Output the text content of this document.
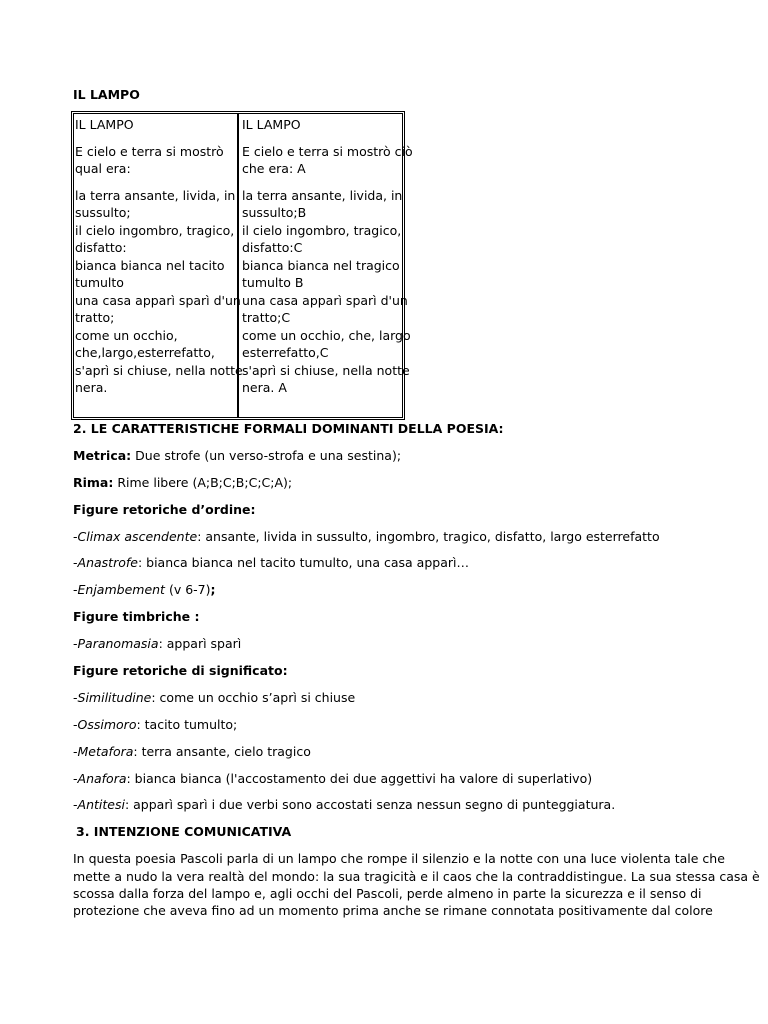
IL LAMPO
IL LAMPO
E cielo e terra si mostrò
qual era:
la terra ansante, livida, in
sussulto;
il cielo ingombro, tragico,
disfatto:
bianca bianca nel tacito
tumulto
una casa apparì sparì d'un
tratto;
come un occhio,
che,largo,esterrefatto,
s'aprì si chiuse, nella notte
nera.
IL LAMPO
E cielo e terra si mostrò ciò
che era: A
la terra ansante, livida, in
sussulto;B
il cielo ingombro, tragico,
disfatto:C
bianca bianca nel tragico
tumulto B
una casa apparì sparì d'un
tratto;C
come un occhio, che, largo
esterrefatto,C
s'aprì si chiuse, nella notte
nera. A
2. LE CARATTERISTICHE FORMALI DOMINANTI DELLA POESIA:
Metrica: Due strofe (un verso-strofa e una sestina);
Rima: Rime libere (A;B;C;B;C;C;A);
Figure retoriche d’ordine:
-Climax ascendente: ansante, livida in sussulto, ingombro, tragico, disfatto, largo esterrefatto
-Anastrofe: bianca bianca nel tacito tumulto, una casa apparì…
-Enjambement (v 6-7);
Figure timbriche :
-Paranomasia: apparì sparì
Figure retoriche di significato:
-Similitudine: come un occhio s’aprì si chiuse
-Ossimoro: tacito tumulto;
-Metafora: terra ansante, cielo tragico
-Anafora: bianca bianca (l'accostamento dei due aggettivi ha valore di superlativo)
-Antitesi: apparì sparì i due verbi sono accostati senza nessun segno di punteggiatura.
3. INTENZIONE COMUNICATIVA
In questa poesia Pascoli parla di un lampo che rompe il silenzio e la notte con una luce violenta tale che
mette a nudo la vera realtà del mondo: la sua tragicità e il caos che la contraddistingue. La sua stessa casa è
scossa dalla forza del lampo e, agli occhi del Pascoli, perde almeno in parte la sicurezza e il senso di
protezione che aveva fino ad un momento prima anche se rimane connotata positivamente dal colore
